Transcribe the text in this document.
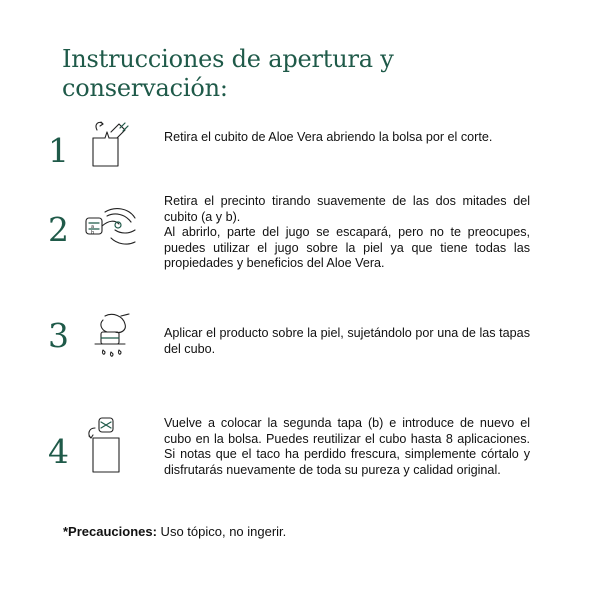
Instrucciones de apertura y conservación:
1	Retira el cubito de Aloe Vera abriendo la bolsa por el corte.

2	a
b

Retira el precinto tirando suavemente de las dos mitades del cubito (a y b).

Al abrirlo, parte del jugo se escapará, pero no te preocupes, puedes utilizar el jugo sobre la piel ya que tiene todas las propiedades y beneficios del Aloe Vera.

3	Aplicar el producto sobre la piel, sujetándolo por una de las tapas del cubo.

4

Vuelve a colocar la segunda tapa (b) e introduce de nuevo el cubo en la bolsa. Puedes reutilizar el cubo hasta 8 aplicaciones. Si notas que el taco ha perdido frescura, simplemente córtalo y disfrutarás nuevamente de toda su pureza y calidad original.

*Precauciones: Uso tópico, no ingerir.
